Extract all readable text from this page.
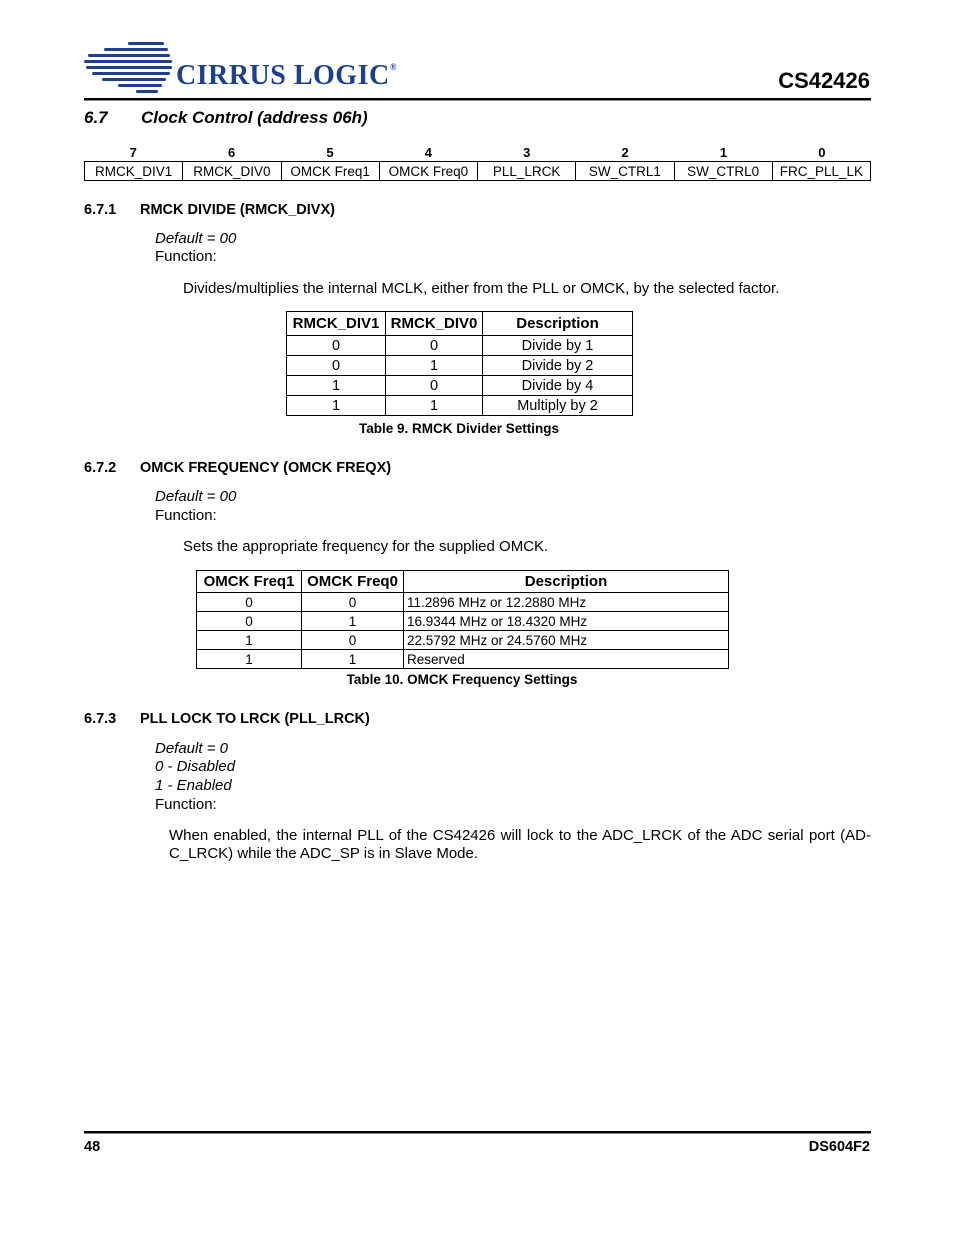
CIRRUS LOGIC®
CS42426
6.7 Clock Control (address 06h)
7	6	5	4	3	2	1	0
RMCK_DIV1	RMCK_DIV0	OMCK Freq1	OMCK Freq0	PLL_LRCK	SW_CTRL1	SW_CTRL0	FRC_PLL_LK
6.7.1 RMCK DIVIDE (RMCK_DIVX)
Default = 00
Function:
Divides/multiplies the internal MCLK, either from the PLL or OMCK, by the selected factor.
RMCK_DIV1	RMCK_DIV0	Description
0	0	Divide by 1
0	1	Divide by 2
1	0	Divide by 4
1	1	Multiply by 2
Table 9. RMCK Divider Settings
6.7.2 OMCK FREQUENCY (OMCK FREQX)
Default = 00
Function:
Sets the appropriate frequency for the supplied OMCK.
OMCK Freq1	OMCK Freq0	Description
0	0	11.2896 MHz or 12.2880 MHz
0	1	16.9344 MHz or 18.4320 MHz
1	0	22.5792 MHz or 24.5760 MHz
1	1	Reserved
Table 10. OMCK Frequency Settings
6.7.3 PLL LOCK TO LRCK (PLL_LRCK)
Default = 0
0 - Disabled
1 - Enabled
Function:
When enabled, the internal PLL of the CS42426 will lock to the ADC_LRCK of the ADC serial port (AD-
C_LRCK) while the ADC_SP is in Slave Mode.
48	DS604F2
